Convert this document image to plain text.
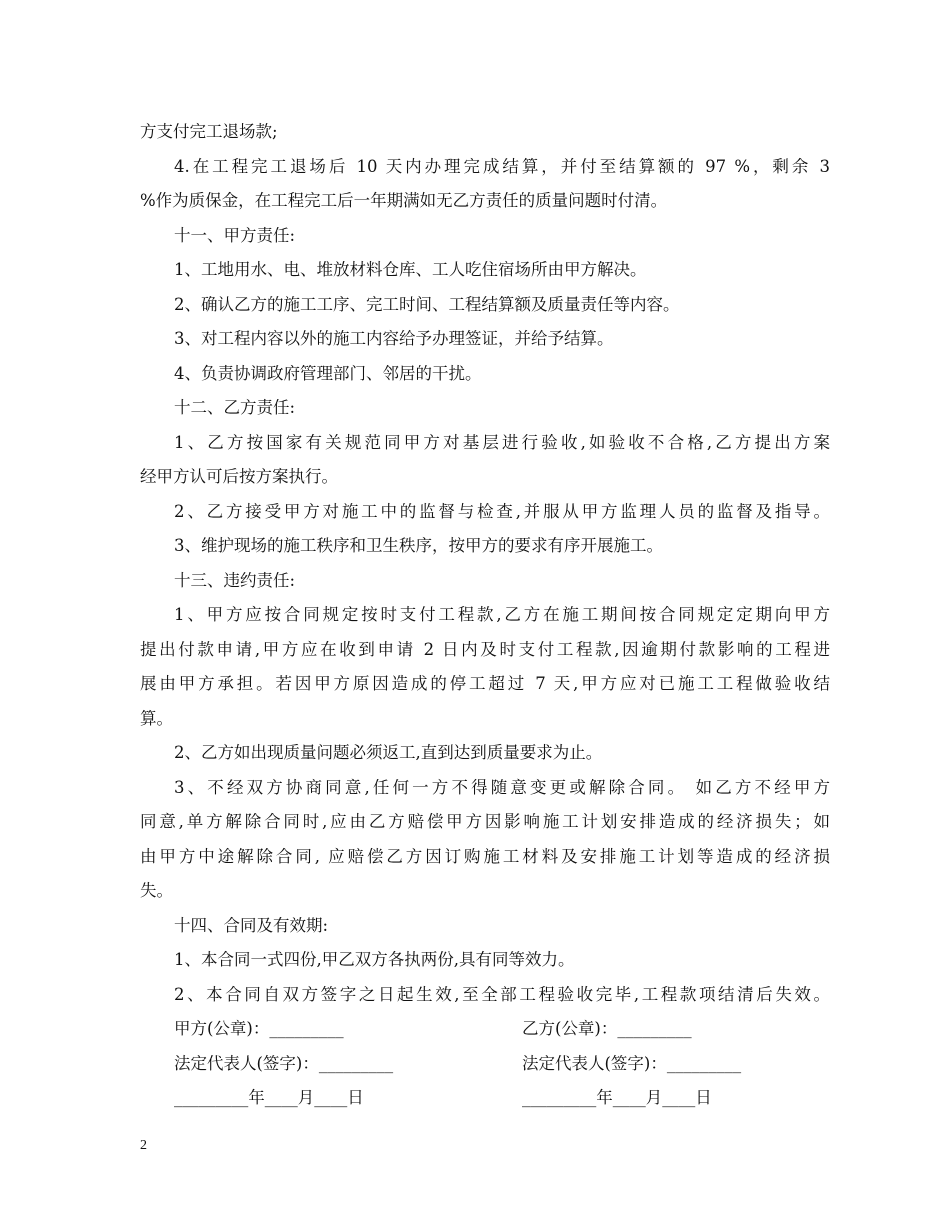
方支付完工退场款;
4.在工程完工退场后 10 天内办理完成结算，并付至结算额的 97 %，剩余 3
%作为质保金，在工程完工后一年期满如无乙方责任的质量问题时付清。
十一、甲方责任:
1、工地用水、电、堆放材料仓库、工人吃住宿场所由甲方解决。
2、确认乙方的施工工序、完工时间、工程结算额及质量责任等内容。
3、对工程内容以外的施工内容给予办理签证，并给予结算。
4、负责协调政府管理部门、邻居的干扰。
十二、乙方责任:
1、乙方按国家有关规范同甲方对基层进行验收,如验收不合格,乙方提出方案
经甲方认可后按方案执行。
2、乙方接受甲方对施工中的监督与检查,并服从甲方监理人员的监督及指导。
3、维护现场的施工秩序和卫生秩序，按甲方的要求有序开展施工。
十三、违约责任:
1、甲方应按合同规定按时支付工程款,乙方在施工期间按合同规定定期向甲方
提出付款申请,甲方应在收到申请 2 日内及时支付工程款,因逾期付款影响的工程进
展由甲方承担。若因甲方原因造成的停工超过 7 天,甲方应对已施工工程做验收结
算。
2、乙方如出现质量问题必须返工,直到达到质量要求为止。
3、不经双方协商同意,任何一方不得随意变更或解除合同。 如乙方不经甲方
同意,单方解除合同时,应由乙方赔偿甲方因影响施工计划安排造成的经济损失；如
由甲方中途解除合同, 应赔偿乙方因订购施工材料及安排施工计划等造成的经济损
失。
十四、合同及有效期:
1、本合同一式四份,甲乙双方各执两份,具有同等效力。
2、本合同自双方签字之日起生效,至全部工程验收完毕,工程款项结清后失效。
甲方(公章)：_________	乙方(公章)：_________
法定代表人(签字)：_________	法定代表人(签字)：_________
_________年____月____日	_________年____月____日
2
